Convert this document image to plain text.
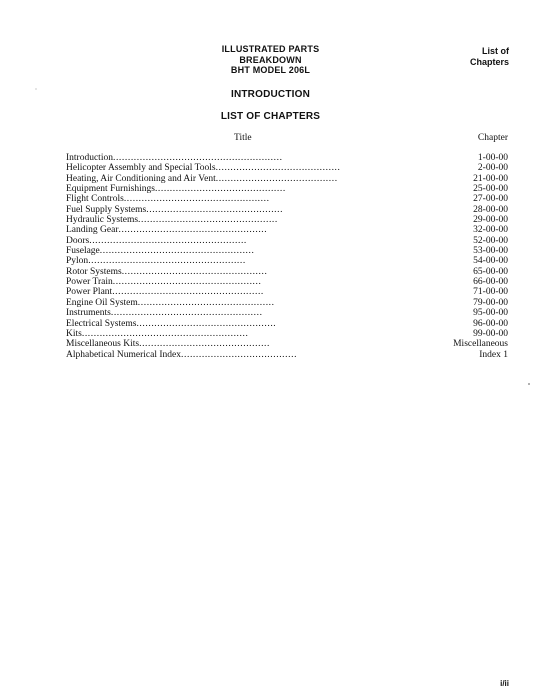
ILLUSTRATED PARTS
BREAKDOWN
BHT MODEL 206L
List of
Chapters
INTRODUCTION
LIST OF CHAPTERS
Title	Chapter
Introduction .........................................................	1-00-00
Helicopter Assembly and Special Tools ..........................................	2-00-00
Heating, Air Conditioning and Air Vent .........................................	21-00-00
Equipment Furnishings ............................................	25-00-00
Flight Controls .................................................	27-00-00
Fuel Supply Systems ..............................................	28-00-00
Hydraulic Systems ...............................................	29-00-00
Landing Gear ..................................................	32-00-00
Doors .....................................................	52-00-00
Fuselage ....................................................	53-00-00
Pylon .....................................................	54-00-00
Rotor Systems .................................................	65-00-00
Power Train ..................................................	66-00-00
Power Plant ...................................................	71-00-00
Engine Oil System ..............................................	79-00-00
Instruments ...................................................	95-00-00
Electrical Systems ...............................................	96-00-00
Kits ........................................................	99-00-00
Miscellaneous Kits ............................................	Miscellaneous
Alphabetical Numerical Index .......................................	Index 1
i/ii
